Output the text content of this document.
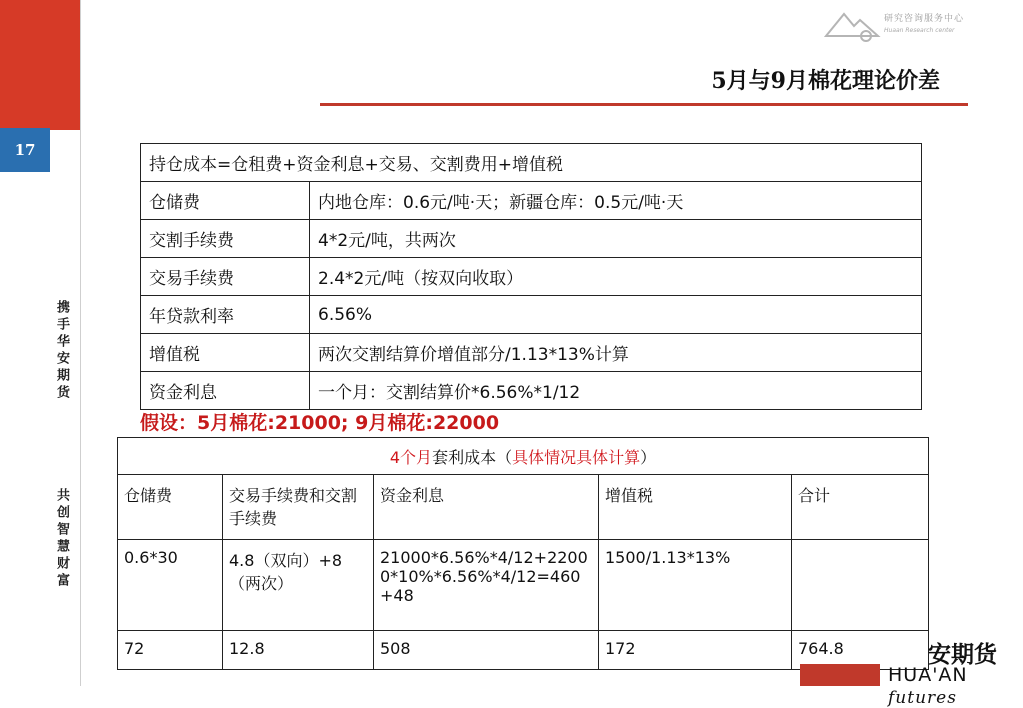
17
携手华安期货
共创智慧财富
研究咨询服务中心
Huaan Research center
5月与9月棉花理论价差
持仓成本=仓租费+资金利息+交易、交割费用+增值税	
仓储费	内地仓库：0.6元/吨·天；新疆仓库：0.5元/吨·天
交割手续费	4*2元/吨，共两次
交易手续费	2.4*2元/吨（按双向收取）
年贷款利率	6.56%
增值税	两次交割结算价增值部分/1.13*13%计算
资金利息	一个月：交割结算价*6.56%*1/12
假设：5月棉花:21000; 9月棉花:22000
4个月套利成本（具体情况具体计算）				
仓储费	交易手续费和交割手续费	资金利息	增值税	合计
0.6*30	4.8（双向）+8（两次）	21000*6.56%*4/12+22000*10%*6.56%*4/12=460+48	1500/1.13*13%	
72	12.8	508	172	764.8	安期货
HUA'AN futures
